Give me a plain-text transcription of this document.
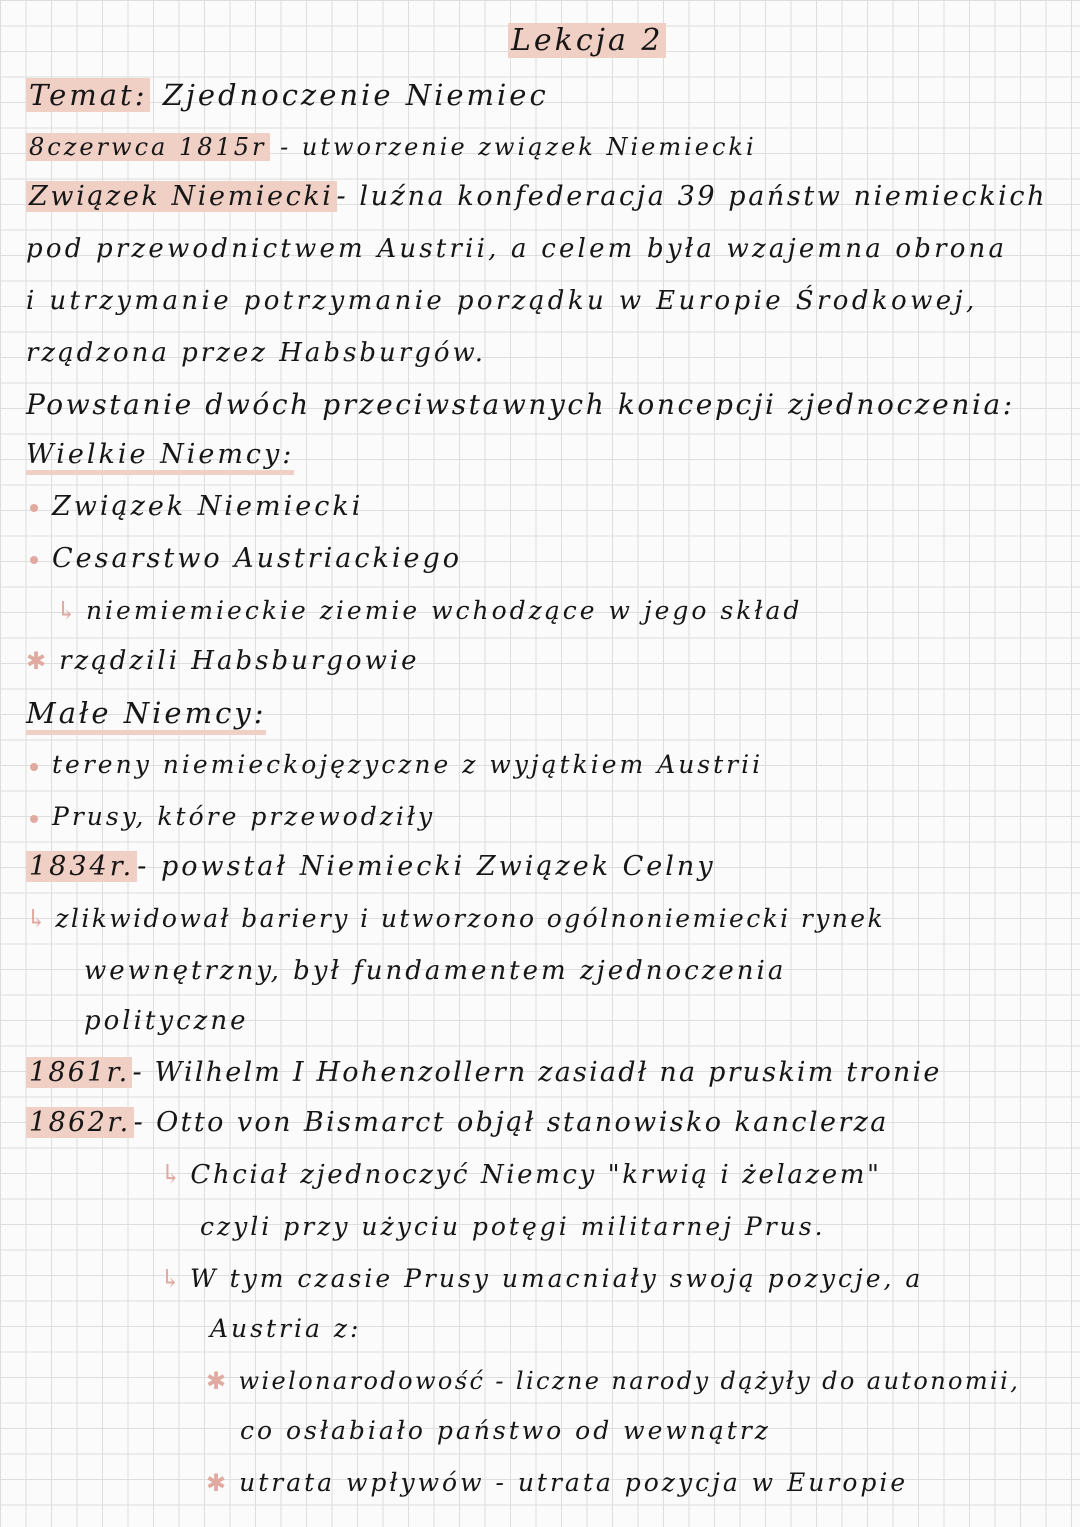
Lekcja 2
Temat: Zjednoczenie Niemiec
8czerwca 1815r - utworzenie związek Niemiecki
Związek Niemiecki - luźna konfederacja 39 państw niemieckich
pod przewodnictwem Austrii, a celem była wzajemna obrona
i utrzymanie potrzymanie porządku w Europie Środkowej,
rządzona przez Habsburgów.
Powstanie dwóch przeciwstawnych koncepcji zjednoczenia:
Wielkie Niemcy:
Związek Niemiecki
Cesarstwo Austriackiego
↳ niemiemieckie ziemie wchodzące w jego skład
✱ rządzili Habsburgowie
Małe Niemcy:
tereny niemieckojęzyczne z wyjątkiem Austrii
Prusy, które przewodziły
1834r. - powstał Niemiecki Związek Celny
↳ zlikwidował bariery i utworzono ogólnoniemiecki rynek
wewnętrzny, był fundamentem zjednoczenia
polityczne
1861r. - Wilhelm I Hohenzollern zasiadł na pruskim tronie
1862r. - Otto von Bismarct objął stanowisko kanclerza
↳ Chciał zjednoczyć Niemcy "krwią i żelazem"
czyli przy użyciu potęgi militarnej Prus.
↳ W tym czasie Prusy umacniały swoją pozycje, a
Austria z:
✱ wielonarodowość - liczne narody dążyły do autonomii,
co osłabiało państwo od wewnątrz
✱ utrata wpływów - utrata pozycja w Europie
